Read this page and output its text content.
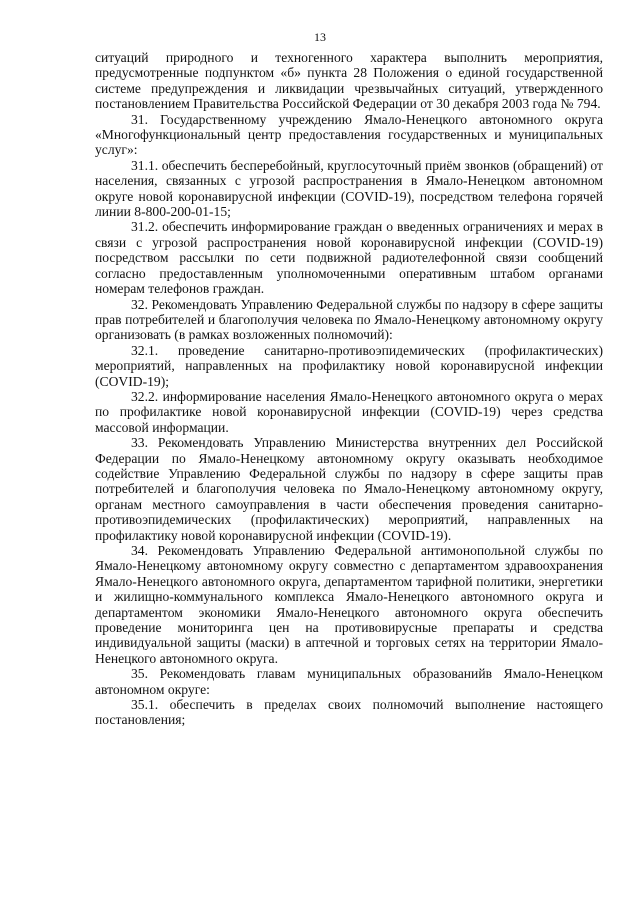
13

ситуаций природного и техногенного характера выполнить мероприятия, предусмотренные подпунктом «б» пункта 28 Положения о единой государственной системе предупреждения и ликвидации чрезвычайных ситуаций, утвержденного постановлением Правительства Российской Федерации от 30 декабря 2003 года № 794.

31. Государственному учреждению Ямало-Ненецкого автономного округа «Многофункциональный центр предоставления государственных и муниципальных услуг»:

31.1. обеспечить бесперебойный, круглосуточный приём звонков (обращений) от населения, связанных с угрозой распространения в Ямало-Ненецком автономном округе новой коронавирусной инфекции (COVID-19), посредством телефона горячей линии 8-800-200-01-15;

31.2. обеспечить информирование граждан о введенных ограничениях и мерах в связи с угрозой распространения новой коронавирусной инфекции (COVID-19) посредством рассылки по сети подвижной радиотелефонной связи сообщений согласно предоставленным уполномоченными оперативным штабом органами номерам телефонов граждан.

32. Рекомендовать Управлению Федеральной службы по надзору в сфере защиты прав потребителей и благополучия человека по Ямало-Ненецкому автономному округу организовать (в рамках возложенных полномочий):

32.1. проведение санитарно-противоэпидемических (профилактических) мероприятий, направленных на профилактику новой коронавирусной инфекции (COVID-19);

32.2. информирование населения Ямало-Ненецкого автономного округа о мерах по профилактике новой коронавирусной инфекции (COVID-19) через средства массовой информации.

33. Рекомендовать Управлению Министерства внутренних дел Российской Федерации по Ямало-Ненецкому автономному округу оказывать необходимое содействие Управлению Федеральной службы по надзору в сфере защиты прав потребителей и благополучия человека по Ямало-Ненецкому автономному округу, органам местного самоуправления в части обеспечения проведения санитарно-противоэпидемических (профилактических) мероприятий, направленных на профилактику новой коронавирусной инфекции (COVID-19).

34. Рекомендовать Управлению Федеральной антимонопольной службы по Ямало-Ненецкому автономному округу совместно с департаментом здравоохранения Ямало-Ненецкого автономного округа, департаментом тарифной политики, энергетики и жилищно-коммунального комплекса Ямало-Ненецкого автономного округа и департаментом экономики Ямало-Ненецкого автономного округа обеспечить проведение мониторинга цен на противовирусные препараты и средства индивидуальной защиты (маски) в аптечной и торговых сетях на территории Ямало-Ненецкого автономного округа.

35. Рекомендовать главам муниципальных образованийв Ямало-Ненецком автономном округе:

35.1. обеспечить в пределах своих полномочий выполнение настоящего постановления;
